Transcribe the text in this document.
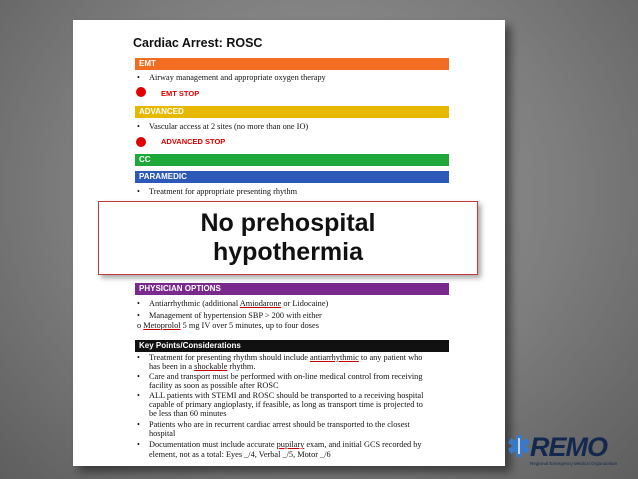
Cardiac Arrest: ROSC
EMT
• Airway management and appropriate oxygen therapy
EMT STOP
ADVANCED
• Vascular access at 2 sites (no more than one IO)
ADVANCED STOP
CC
PARAMEDIC
• Treatment for appropriate presenting rhythm
PHYSICIAN OPTIONS
• Antiarrhythmic (additional Amiodarone or Lidocaine)
• Management of hypertension SBP > 200 with either
o Metoprolol 5 mg IV over 5 minutes, up to four doses
Key Points/Considerations
• Treatment for presenting rhythm should include antiarrhythmic to any patient who
has been in a shockable rhythm.
• Care and transport must be performed with on-line medical control from receiving
facility as soon as possible after ROSC
• ALL patients with STEMI and ROSC should be transported to a receiving hospital
capable of primary angioplasty, if feasible, as long as transport time is projected to
be less than 60 minutes
• Patients who are in recurrent cardiac arrest should be transported to the closest
hospital
• Documentation must include accurate pupilary exam, and initial GCS recorded by
element, not as a total: Eyes _/4, Verbal _/5, Motor _/6
No prehospital
hypothermia
REMO
Regional Emergency Medical Organization
